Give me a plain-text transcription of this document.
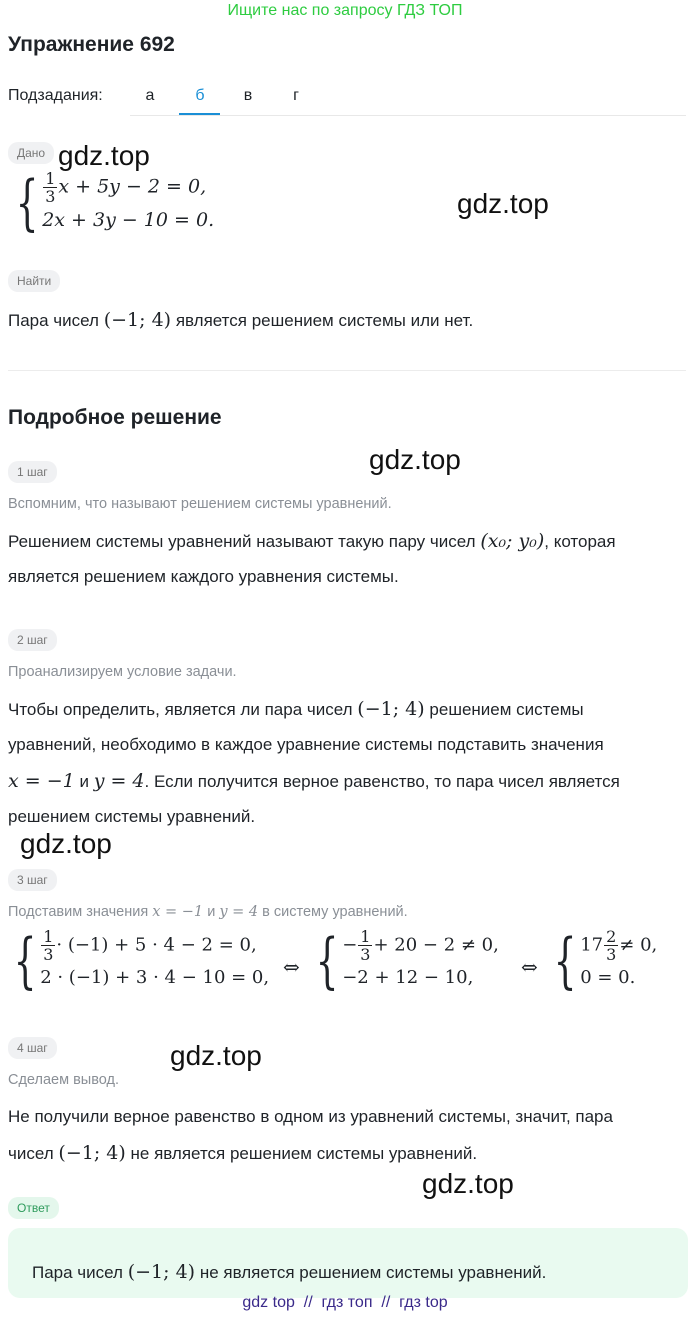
Ищите нас по запросу ГДЗ ТОП
Упражнение 692
Подзадания:	а	б	в	г
Дано
{ $\frac{1}{3}$ x + 5y − 2 = 0,
2x + 3y − 10 = 0.
Найти
Пара чисел (−1; 4) является решением системы или нет.
Подробное решение
1 шаг
Вспомним, что называют решением системы уравнений.
Решением системы уравнений называют такую пару чисел (x₀; y₀), которая
является решением каждого уравнения системы.
2 шаг
Проанализируем условие задачи.
Чтобы определить, является ли пара чисел (−1; 4) решением системы
уравнений, необходимо в каждое уравнение системы подставить значения
x = −1 и y = 4. Если получится верное равенство, то пара чисел является
решением системы уравнений.
3 шаг
Подставим значения x = −1 и y = 4 в систему уравнений.
{ $\frac{1}{3} \cdot (-1) + 5 \cdot 4 - 2 = 0$,
2 · (−1) + 3 · 4 − 10 = 0, ⇔ { − $\frac{1}{3} + 20 - 2 \ne 0$,
−2 + 12 − 10,	⇔ { $17 \frac{2}{3} \ne 0$,
0 = 0.
4 шаг
Сделаем вывод.
Не получили верное равенство в одном из уравнений системы, значит, пара
чисел (−1; 4) не является решением системы уравнений.
Ответ
Пара чисел (−1; 4) не является решением системы уравнений.
gdz.top
gdz.top
gdz.top
gdz.top
gdz.top
gdz.top
gdz top  //  гдз топ  //  гдз top
